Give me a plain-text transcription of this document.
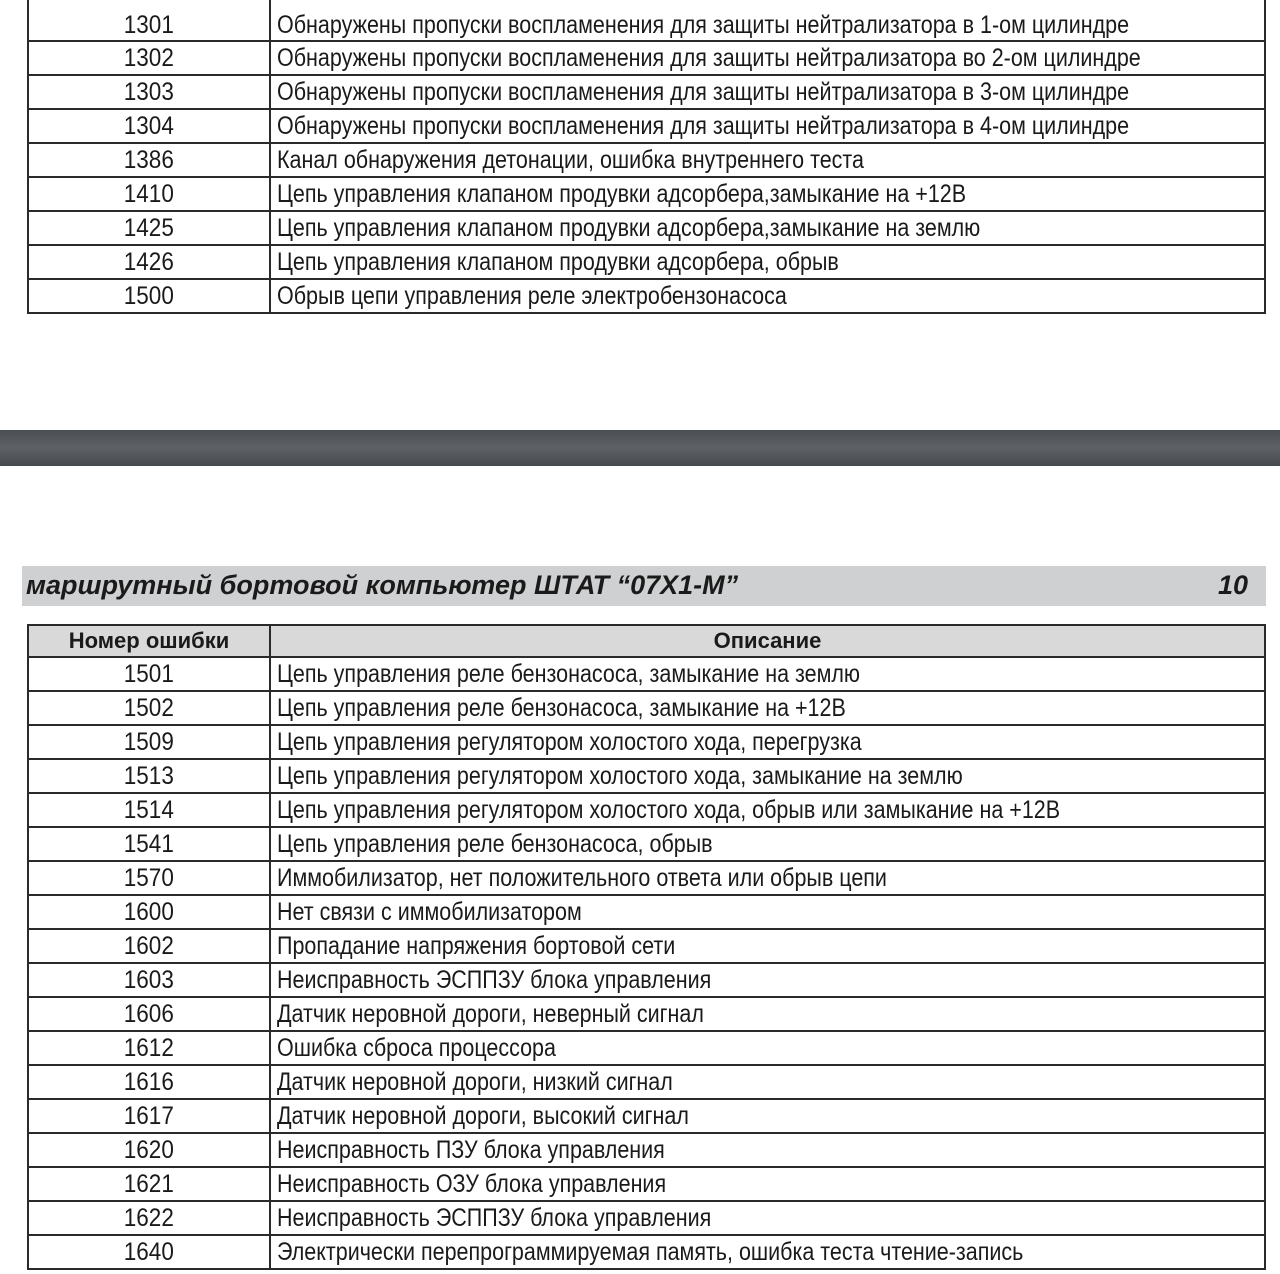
1301	Обнаружены пропуски воспламенения для защиты нейтрализатора в 1-ом цилиндре
1302	Обнаружены пропуски воспламенения для защиты нейтрализатора во 2-ом цилиндре
1303	Обнаружены пропуски воспламенения для защиты нейтрализатора в 3-ом цилиндре
1304	Обнаружены пропуски воспламенения для защиты нейтрализатора в 4-ом цилиндре
1386	Канал обнаружения детонации, ошибка внутреннего теста
1410	Цепь управления клапаном продувки адсорбера,замыкание на +12В
1425	Цепь управления клапаном продувки адсорбера,замыкание на землю
1426	Цепь управления клапаном продувки адсорбера, обрыв
1500	Обрыв цепи управления реле электробензонасоса
маршрутный бортовой компьютер ШТАТ “07Х1-М”	10
Номер ошибки	Описание
1501	Цепь управления реле бензонасоса, замыкание на землю
1502	Цепь управления реле бензонасоса, замыкание на +12В
1509	Цепь управления регулятором холостого хода, перегрузка
1513	Цепь управления регулятором холостого хода, замыкание на землю
1514	Цепь управления регулятором холостого хода, обрыв или замыкание на +12В
1541	Цепь управления реле бензонасоса, обрыв
1570	Иммобилизатор, нет положительного ответа или обрыв цепи
1600	Нет связи с иммобилизатором
1602	Пропадание напряжения бортовой сети
1603	Неисправность ЭСППЗУ блока управления
1606	Датчик неровной дороги, неверный сигнал
1612	Ошибка сброса процессора
1616	Датчик неровной дороги, низкий сигнал
1617	Датчик неровной дороги, высокий сигнал
1620	Неисправность ПЗУ блока управления
1621	Неисправность ОЗУ блока управления
1622	Неисправность ЭСППЗУ блока управления
1640	Электрически перепрограммируемая память, ошибка теста чтение-запись
